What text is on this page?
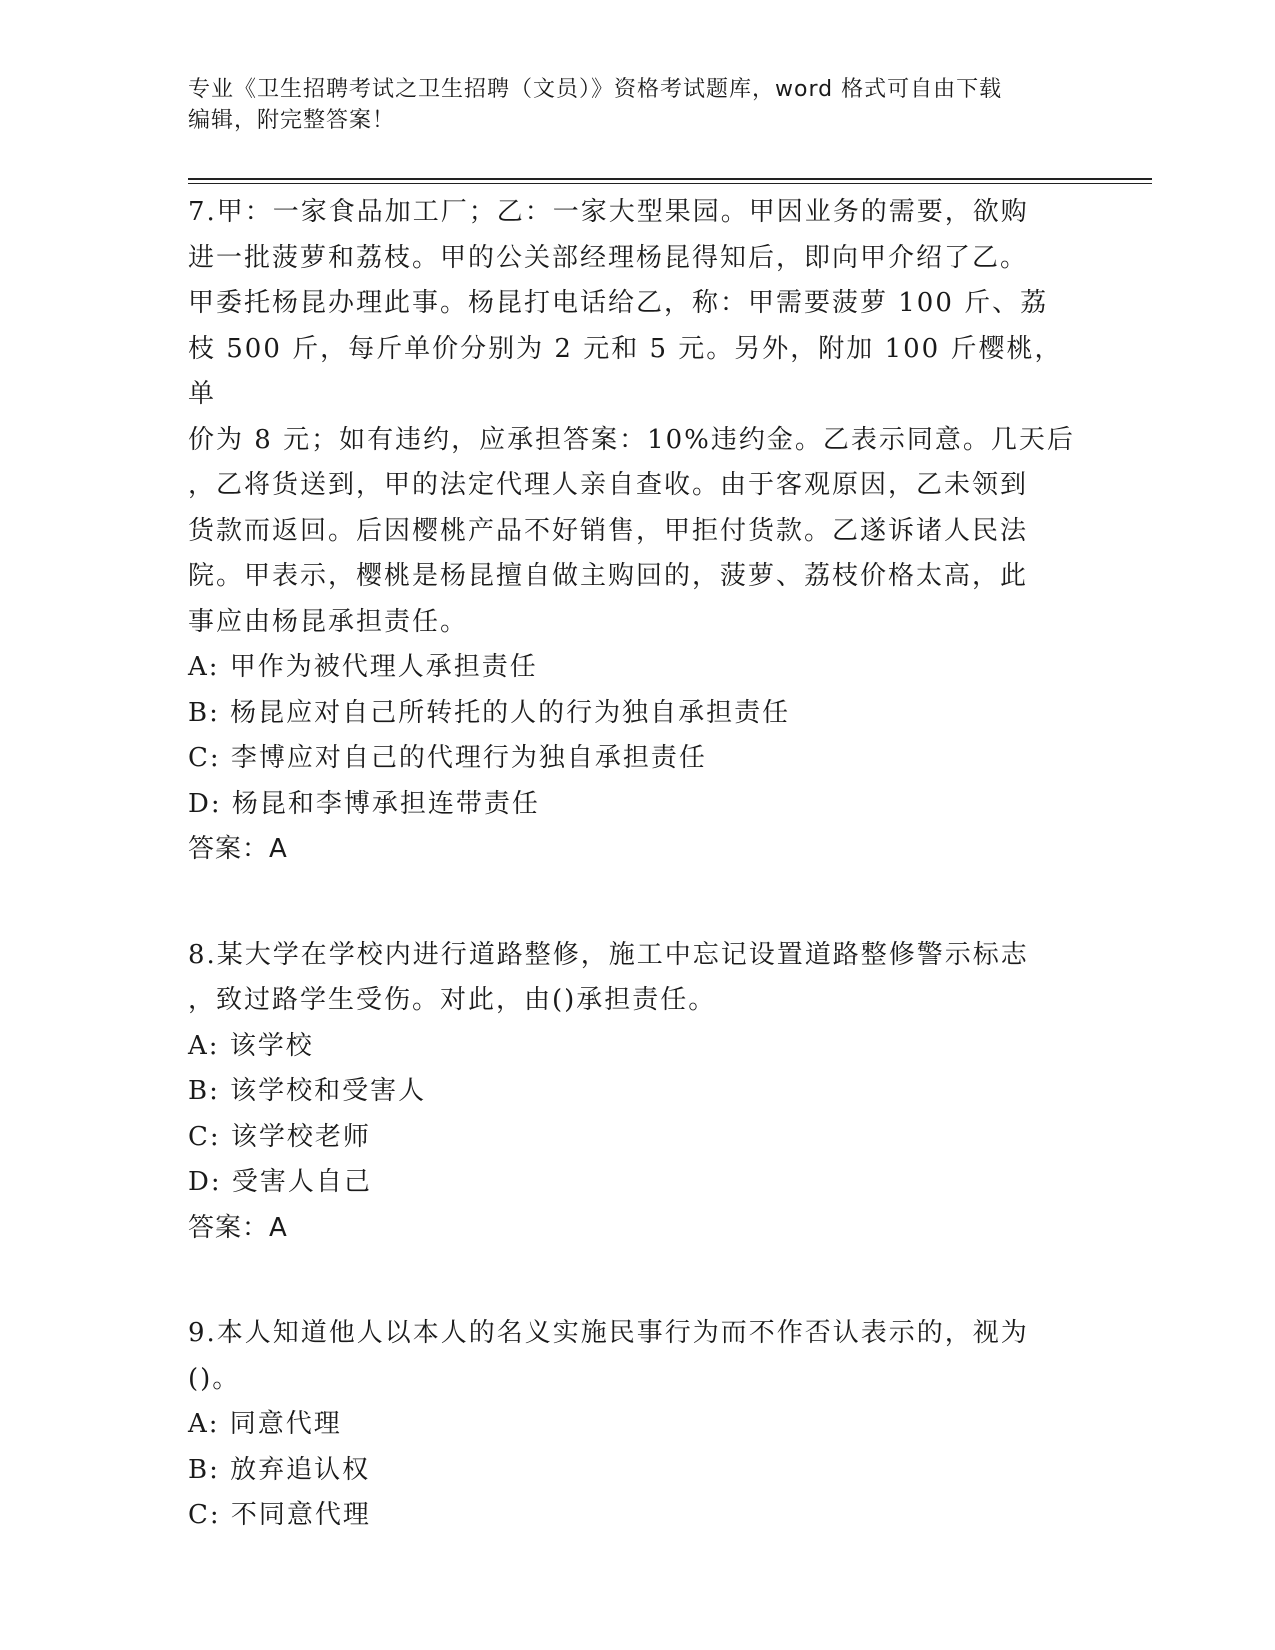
专业《卫生招聘考试之卫生招聘（文员）》资格考试题库，word 格式可自由下载

编辑，附完整答案！

7.甲：一家食品加工厂；乙：一家大型果园。甲因业务的需要，欲购

进一批菠萝和荔枝。甲的公关部经理杨昆得知后，即向甲介绍了乙。

甲委托杨昆办理此事。杨昆打电话给乙，称：甲需要菠萝 100 斤、荔

枝 500 斤，每斤单价分别为 2 元和 5 元。另外，附加 100 斤樱桃，单

价为 8 元；如有违约，应承担答案：10%违约金。乙表示同意。几天后

，乙将货送到，甲的法定代理人亲自查收。由于客观原因，乙未领到

货款而返回。后因樱桃产品不好销售，甲拒付货款。乙遂诉诸人民法

院。甲表示，樱桃是杨昆擅自做主购回的，菠萝、荔枝价格太高，此

事应由杨昆承担责任。

A: 甲作为被代理人承担责任

B: 杨昆应对自己所转托的人的行为独自承担责任

C: 李博应对自己的代理行为独自承担责任

D: 杨昆和李博承担连带责任

答案：A

8.某大学在学校内进行道路整修，施工中忘记设置道路整修警示标志

，致过路学生受伤。对此，由()承担责任。

A: 该学校

B: 该学校和受害人

C: 该学校老师

D: 受害人自己

答案：A

9.本人知道他人以本人的名义实施民事行为而不作否认表示的，视为

()。

A: 同意代理

B: 放弃追认权

C: 不同意代理
